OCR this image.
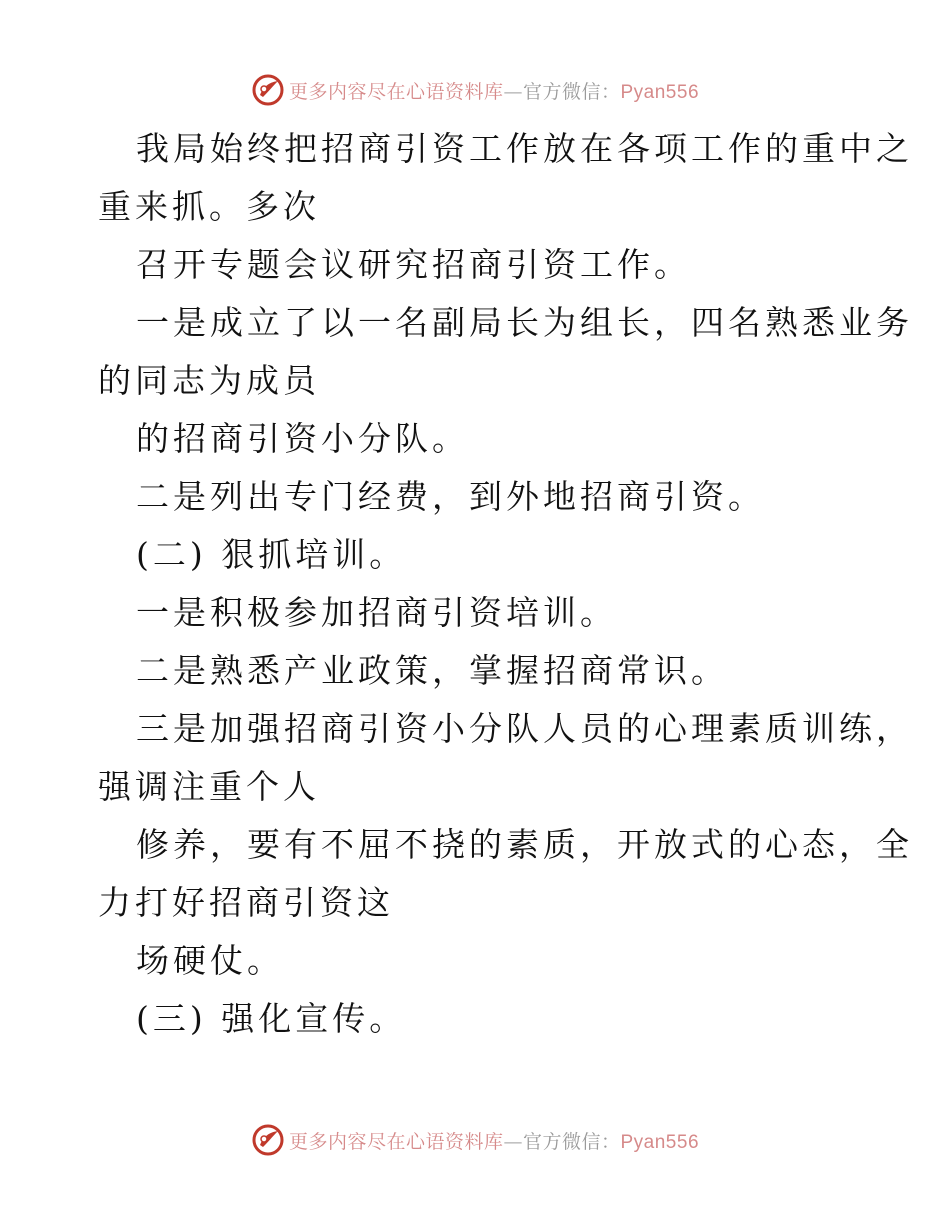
更多内容尽在心语资料库—官方微信：Pyan556
我局始终把招商引资工作放在各项工作的重中之
重来抓。多次
召开专题会议研究招商引资工作。
一是成立了以一名副局长为组长，四名熟悉业务
的同志为成员
的招商引资小分队。
二是列出专门经费，到外地招商引资。
(二) 狠抓培训。
一是积极参加招商引资培训。
二是熟悉产业政策，掌握招商常识。
三是加强招商引资小分队人员的心理素质训练，
强调注重个人
修养，要有不屈不挠的素质，开放式的心态，全
力打好招商引资这
场硬仗。
(三) 强化宣传。
更多内容尽在心语资料库—官方微信：Pyan556
